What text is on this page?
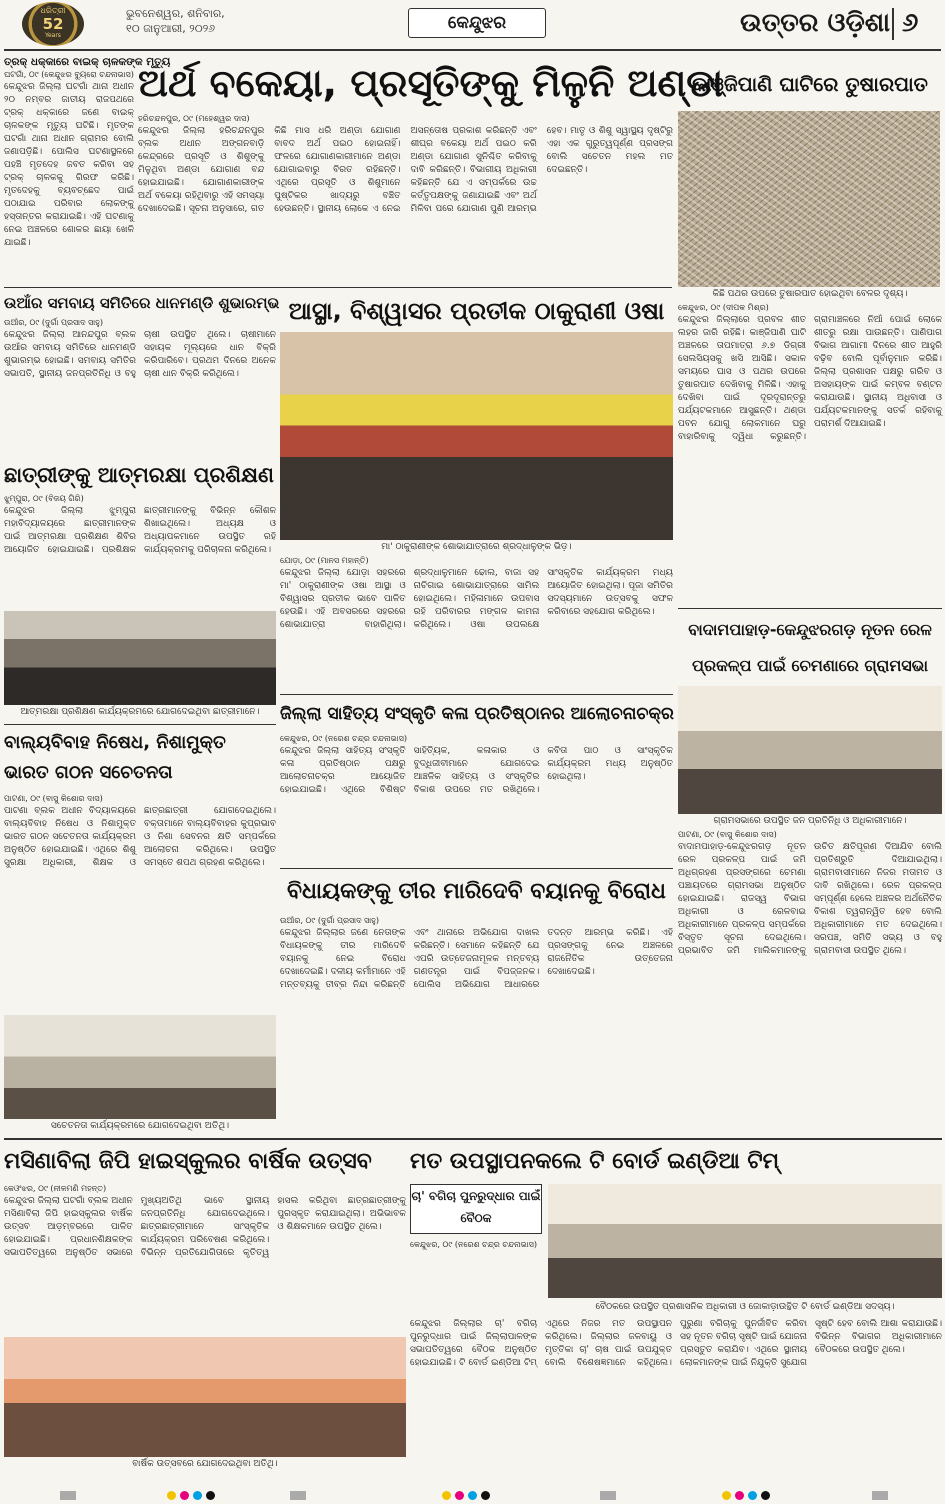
ଧରିତ୍ରୀ
52
Years
ଭୁବନେଶ୍ୱର, ଶନିବାର,
୧୦ ଜାନୁଆରୀ, ୨୦୨୬	କେନ୍ଦୁଝର	ଉତ୍ତର ଓଡ଼ିଶା ୬
ତ୍ରକ୍ ଧକ୍କାରେ ବାଇକ୍ ଚାଳକଙ୍କ ମୃତ୍ୟୁ
ଘଟଗାଁ, ୦୯ (କେନ୍ଦୁଝର ବ୍ୟୁରୋ ଚନ୍ଦନାଭାସ)
କେନ୍ଦୁଝର ଜିଲ୍ଲା ଘଟଗାଁ ଥାନା ଅଧୀନ ୨୦ ନମ୍ବର ଜାତୀୟ ରାଜପଥରେ ଟ୍ରକ୍ ଧକ୍କାରେ ଜଣେ ବାଇକ୍ ଚାଳକଙ୍କ ମୃତ୍ୟୁ ଘଟିଛି। ମୃତଙ୍କ ଘଟଗାଁ ଥାନା ଅଧୀନ ଗ୍ରାମର ବୋଲି ଜଣାପଡ଼ିଛି। ପୋଲିସ ଘଟଣାସ୍ଥଳରେ ପହଞ୍ଚି ମୃତଦେହ ଜବତ କରିବା ସହ ଟ୍ରକ୍ ଚାଳକକୁ ଗିରଫ କରିଛି। ମୃତଦେହକୁ ବ୍ୟବଚ୍ଛେଦ ପାଇଁ ପଠାଯାଇ ପରିବାର ଲୋକଙ୍କୁ ହସ୍ତାନ୍ତର କରାଯାଇଛି। ଏହି ଘଟଣାକୁ ନେଇ ଅଞ୍ଚଳରେ ଶୋକର ଛାୟା ଖେଳି ଯାଇଛି।
ଅର୍ଥ ବକେୟା, ପ୍ରସୂତିଙ୍କୁ ମିଳୁନି ଅଣ୍ଡା
ହରିଚନ୍ଦନପୁର, ୦୯ (ମହେଶ୍ୱର ଦାସ)
କେନ୍ଦୁଝର ଜିଲ୍ଲା ହରିଚନ୍ଦନପୁର ବ୍ଲକ ଅଧୀନ ଅଙ୍ଗନବାଡ଼ି କେନ୍ଦ୍ରରେ ପ୍ରସୂତି ଓ ଶିଶୁଙ୍କୁ ମିଳୁଥିବା ଅଣ୍ଡା ଯୋଗାଣ ବନ୍ଦ ହୋଇଯାଇଛି। ଯୋଗାଣକାରୀଙ୍କ ଅର୍ଥ ବକେୟା ରହିଥିବାରୁ ଏହି ସମସ୍ୟା ଦେଖାଦେଇଛି। ସୂଚନା ଅନୁସାରେ, ଗତ କିଛି ମାସ ଧରି ଅଣ୍ଡା ଯୋଗାଣ ବାବଦ ଅର୍ଥ ପଇଠ ହୋଇନାହିଁ। ଫଳରେ ଯୋଗାଣକାରୀମାନେ ଅଣ୍ଡା ଯୋଗାଇବାରୁ ବିରତ ରହିଛନ୍ତି। ଏଥିରେ ପ୍ରସୂତି ଓ ଶିଶୁମାନେ ପୁଷ୍ଟିକର ଖାଦ୍ୟରୁ ବଞ୍ଚିତ ହେଉଛନ୍ତି। ସ୍ଥାନୀୟ ଲୋକେ ଏ ନେଇ ଅସନ୍ତୋଷ ପ୍ରକାଶ କରିଛନ୍ତି ଏବଂ ଶୀଘ୍ର ବକେୟା ଅର୍ଥ ପଇଠ କରି ଅଣ୍ଡା ଯୋଗାଣ ସୁନିଶ୍ଚିତ କରିବାକୁ ଦାବି କରିଛନ୍ତି। ବିଭାଗୀୟ ଅଧିକାରୀ କହିଛନ୍ତି ଯେ ଏ ସମ୍ପର୍କରେ ଉଚ୍ଚ କର୍ତ୍ତୃପକ୍ଷଙ୍କୁ ଜଣାଯାଇଛି ଏବଂ ଅର୍ଥ ମିଳିବା ପରେ ଯୋଗାଣ ପୁଣି ଆରମ୍ଭ ହେବ। ମାତୃ ଓ ଶିଶୁ ସ୍ୱାସ୍ଥ୍ୟ ଦୃଷ୍ଟିରୁ ଏହା ଏକ ଗୁରୁତ୍ୱପୂର୍ଣ୍ଣ ପ୍ରସଙ୍ଗ ବୋଲି ସଚେତନ ମହଲ ମତ ଦେଇଛନ୍ତି।
କାଞ୍ଜିପାଣି ଘାଟିରେ ତୁଷାରପାତ
କିଛି ପଥର ଉପରେ ତୁଷାରପାତ ହୋଇଥିବା ବେଳର ଦୃଶ୍ୟ।
କେନ୍ଦୁଝର, ୦୯ (ଦୀପକ ମିଶ୍ର)
କେନ୍ଦୁଝର ଜିଲ୍ଲାରେ ପ୍ରବଳ ଶୀତ ଲହର ଜାରି ରହିଛି। କାଞ୍ଜିପାଣି ଘାଟି ଅଞ୍ଚଳରେ ତାପମାତ୍ରା ୬.୭ ଡିଗ୍ରୀ ସେଲସିୟସକୁ ଖସି ଆସିଛି। ସକାଳ ସମୟରେ ଘାସ ଓ ପଥର ଉପରେ ତୁଷାରପାତ ଦେଖିବାକୁ ମିଳିଛି। ଏହାକୁ ଦେଖିବା ପାଇଁ ଦୂରଦୂରାନ୍ତରୁ ପର୍ଯ୍ୟଟକମାନେ ଆସୁଛନ୍ତି। ଥଣ୍ଡା ପବନ ଯୋଗୁ ଲୋକମାନେ ଘରୁ ବାହାରିବାକୁ ଦ୍ୱିଧା କରୁଛନ୍ତି। ଗ୍ରାମାଞ୍ଚଳରେ ନିଆଁ ପୋଇଁ ଲୋକେ ଶୀତରୁ ରକ୍ଷା ପାଉଛନ୍ତି। ପାଣିପାଗ ବିଭାଗ ଆଗାମୀ ଦିନରେ ଶୀତ ଆହୁରି ବଢ଼ିବ ବୋଲି ପୂର୍ବାନୁମାନ କରିଛି। ଜିଲ୍ଲା ପ୍ରଶାସନ ପକ୍ଷରୁ ଗରିବ ଓ ଅସହାୟଙ୍କ ପାଇଁ କମ୍ବଳ ବଣ୍ଟନ କରାଯାଉଛି। ସ୍ଥାନୀୟ ଅଧିବାସୀ ଓ ପର୍ଯ୍ୟଟକମାନଙ୍କୁ ସତର୍କ ରହିବାକୁ ପରାମର୍ଶ ଦିଆଯାଇଛି।
ଉଆଁର ସମବାୟ ସମିତିରେ ଧାନମଣ୍ଡି ଶୁଭାରମ୍ଭ
ଉଆଁର, ୦୯ (ଦୁର୍ଗା ପ୍ରସାଦ ସାହୁ)
କେନ୍ଦୁଝର ଜିଲ୍ଲା ଆନନ୍ଦପୁର ବ୍ଲକ ଉଆଁର ସମବାୟ ସମିତିରେ ଧାନମଣ୍ଡି ଶୁଭାରମ୍ଭ ହୋଇଛି। ସମବାୟ ସମିତିର ସଭାପତି, ସ୍ଥାନୀୟ ଜନପ୍ରତିନିଧି ଓ ବହୁ ଚାଷୀ ଉପସ୍ଥିତ ଥିଲେ। ଚାଷୀମାନେ ସହାୟକ ମୂଲ୍ୟରେ ଧାନ ବିକ୍ରି କରିପାରିବେ। ପ୍ରଥମ ଦିନରେ ଅନେକ ଚାଷୀ ଧାନ ବିକ୍ରି କରିଥିଲେ।
ଆସ୍ଥା, ବିଶ୍ୱାସର ପ୍ରତୀକ ଠାକୁରାଣୀ ଓଷା
ମା' ଠାକୁରାଣୀଙ୍କ ଶୋଭାଯାତ୍ରାରେ ଶ୍ରଦ୍ଧାଳୁଙ୍କ ଭିଡ଼।
ଯୋଡ଼ା, ୦୯ (ମାନସ ମହାନ୍ତି)
କେନ୍ଦୁଝର ଜିଲ୍ଲା ଯୋଡ଼ା ସହରରେ ମା' ଠାକୁରାଣୀଙ୍କ ଓଷା ଆସ୍ଥା ଓ ବିଶ୍ୱାସର ପ୍ରତୀକ ଭାବେ ପାଳିତ ହେଉଛି। ଏହି ଅବସରରେ ସହରରେ ଶୋଭାଯାତ୍ରା ବାହାରିଥିଲା। ଶ୍ରଦ୍ଧାଳୁମାନେ ଢୋଲ, ବାଜା ସହ ନାଚିଗାଇ ଶୋଭାଯାତ୍ରାରେ ସାମିଲ ହୋଇଥିଲେ। ମହିଳାମାନେ ଉପବାସ ରହି ପରିବାରର ମଙ୍ଗଳ କାମନା କରିଥିଲେ। ଓଷା ଉପଲକ୍ଷେ ସାଂସ୍କୃତିକ କାର୍ଯ୍ୟକ୍ରମ ମଧ୍ୟ ଆୟୋଜିତ ହୋଇଥିଲା। ପୂଜା ସମିତିର ସଦସ୍ୟମାନେ ଉତ୍ସବକୁ ସଫଳ କରିବାରେ ସହଯୋଗ କରିଥିଲେ।
ଛାତ୍ରୀଙ୍କୁ ଆତ୍ମରକ୍ଷା ପ୍ରଶିକ୍ଷଣ
ଝୁମ୍ପୁରା, ୦୯ (ବିଜୟ ଗିରି)
କେନ୍ଦୁଝର ଜିଲ୍ଲା ଝୁମ୍ପୁରା ମହାବିଦ୍ୟାଳୟରେ ଛାତ୍ରୀମାନଙ୍କ ପାଇଁ ଆତ୍ମରକ୍ଷା ପ୍ରଶିକ୍ଷଣ ଶିବିର ଆୟୋଜିତ ହୋଇଯାଇଛି। ପ୍ରଶିକ୍ଷକ ଛାତ୍ରୀମାନଙ୍କୁ ବିଭିନ୍ନ କୌଶଳ ଶିଖାଇଥିଲେ। ଅଧ୍ୟକ୍ଷ ଓ ଅଧ୍ୟାପକମାନେ ଉପସ୍ଥିତ ରହି କାର୍ଯ୍ୟକ୍ରମକୁ ପରିଚାଳନା କରିଥିଲେ।
ଆତ୍ମରକ୍ଷା ପ୍ରଶିକ୍ଷଣ କାର୍ଯ୍ୟକ୍ରମରେ ଯୋଗଦେଇଥିବା ଛାତ୍ରୀମାନେ।
ବାଲ୍ୟବିବାହ ନିଷେଧ, ନିଶାମୁକ୍ତ ଭାରତ ଗଠନ ସଚେତନତା
ପାଟଣା, ୦୯ (ବାସୁ କିଶୋର ଦାସ)
ପାଟଣା ବ୍ଲକ ଅଧୀନ ବିଦ୍ୟାଳୟରେ ବାଲ୍ୟବିବାହ ନିଷେଧ ଓ ନିଶାମୁକ୍ତ ଭାରତ ଗଠନ ସଚେତନତା କାର୍ଯ୍ୟକ୍ରମ ଅନୁଷ୍ଠିତ ହୋଇଯାଇଛି। ଏଥିରେ ଶିଶୁ ସୁରକ୍ଷା ଅଧିକାରୀ, ଶିକ୍ଷକ ଓ ଛାତ୍ରଛାତ୍ରୀ ଯୋଗଦେଇଥିଲେ। ବକ୍ତାମାନେ ବାଲ୍ୟବିବାହର କୁପ୍ରଭାବ ଓ ନିଶା ସେବନର କ୍ଷତି ସମ୍ପର୍କରେ ଆଲୋଚନା କରିଥିଲେ। ଉପସ୍ଥିତ ସମସ୍ତେ ଶପଥ ଗ୍ରହଣ କରିଥିଲେ।
ସଚେତନତା କାର୍ଯ୍ୟକ୍ରମରେ ଯୋଗଦେଇଥିବା ଅତିଥି।
ଜିଲ୍ଲା ସାହିତ୍ୟ ସଂସ୍କୃତି କଳା ପ୍ରତିଷ୍ଠାନର ଆଲୋଚନାଚକ୍ର
କେନ୍ଦୁଝର, ୦୯ (ନରେଶ ଚନ୍ଦ୍ର ଚନ୍ଦନାଭାସ)
କେନ୍ଦୁଝର ଜିଲ୍ଲା ସାହିତ୍ୟ ସଂସ୍କୃତି କଳା ପ୍ରତିଷ୍ଠାନ ପକ୍ଷରୁ ଆଲୋଚନାଚକ୍ର ଆୟୋଜିତ ହୋଇଯାଇଛି। ଏଥିରେ ବିଶିଷ୍ଟ ସାହିତ୍ୟିକ, କଳାକାର ଓ ବୁଦ୍ଧିଜୀବୀମାନେ ଯୋଗଦେଇ ଆଞ୍ଚଳିକ ସାହିତ୍ୟ ଓ ସଂସ୍କୃତିର ବିକାଶ ଉପରେ ମତ ରଖିଥିଲେ। କବିତା ପାଠ ଓ ସାଂସ୍କୃତିକ କାର୍ଯ୍ୟକ୍ରମ ମଧ୍ୟ ଅନୁଷ୍ଠିତ ହୋଇଥିଲା।
ବାଦାମପାହାଡ଼-କେନ୍ଦୁଝରଗଡ଼ ନୂତନ ରେଳ ପ୍ରକଳ୍ପ ପାଇଁ ଚେମଣାରେ ଗ୍ରାମସଭା
ଗ୍ରାମସଭାରେ ଉପସ୍ଥିତ ଜନ ପ୍ରତିନିଧି ଓ ଅଧିକାରୀମାନେ।
ପାଟଣା, ୦୯ (ବାସୁ କିଶୋର ଦାସ)
ବାଦାମପାହାଡ଼-କେନ୍ଦୁଝରଗଡ଼ ନୂତନ ରେଳ ପ୍ରକଳ୍ପ ପାଇଁ ଜମି ଅଧିଗ୍ରହଣ ପ୍ରସଙ୍ଗରେ ଚେମଣା ପଞ୍ଚାୟତରେ ଗ୍ରାମସଭା ଅନୁଷ୍ଠିତ ହୋଇଯାଇଛି। ରାଜସ୍ୱ ବିଭାଗ ଅଧିକାରୀ ଓ ରେଳବାଇ ଅଧିକାରୀମାନେ ପ୍ରକଳ୍ପ ସମ୍ପର୍କରେ ବିସ୍ତୃତ ସୂଚନା ଦେଇଥିଲେ। ପ୍ରଭାବିତ ଜମି ମାଲିକମାନଙ୍କୁ ଉଚିତ କ୍ଷତିପୂରଣ ଦିଆଯିବ ବୋଲି ପ୍ରତିଶ୍ରୁତି ଦିଆଯାଇଥିଲା। ଗ୍ରାମବାସୀମାନେ ନିଜର ମତାମତ ଓ ଦାବି ରଖିଥିଲେ। ରେଳ ପ୍ରକଳ୍ପ ସମ୍ପୂର୍ଣ୍ଣ ହେଲେ ଅଞ୍ଚଳର ଅର୍ଥନୈତିକ ବିକାଶ ତ୍ୱରାନ୍ୱିତ ହେବ ବୋଲି ଅଧିକାରୀମାନେ ମତ ଦେଇଥିଲେ। ସରପଞ୍ଚ, ସମିତି ସଭ୍ୟ ଓ ବହୁ ଗ୍ରାମବାସୀ ଉପସ୍ଥିତ ଥିଲେ।
ବିଧାୟକଙ୍କୁ ତୀର ମାରିଦେବି ବୟାନକୁ ବିରୋଧ
ଉଆଁର, ୦୯ (ଦୁର୍ଗା ପ୍ରସାଦ ସାହୁ)
କେନ୍ଦୁଝର ଜିଲ୍ଲାର ଜଣେ ନେତାଙ୍କ ବିଧାୟକଙ୍କୁ ତୀର ମାରିଦେବି ବୟାନକୁ ନେଇ ବିରୋଧ ଦେଖାଦେଇଛି। ଦଳୀୟ କର୍ମୀମାନେ ଏହି ମନ୍ତବ୍ୟକୁ ତୀବ୍ର ନିନ୍ଦା କରିଛନ୍ତି ଏବଂ ଥାନାରେ ଅଭିଯୋଗ ଦାଖଲ କରିଛନ୍ତି। ସେମାନେ କହିଛନ୍ତି ଯେ ଏପରି ଉତ୍ତେଜନାମୂଳକ ମନ୍ତବ୍ୟ ଗଣତନ୍ତ୍ର ପାଇଁ ବିପଜ୍ଜନକ। ପୋଲିସ ଅଭିଯୋଗ ଆଧାରରେ ତଦନ୍ତ ଆରମ୍ଭ କରିଛି। ଏହି ପ୍ରସଙ୍ଗକୁ ନେଇ ଅଞ୍ଚଳରେ ରାଜନୈତିକ ଉତ୍ତେଜନା ଦେଖାଦେଇଛି।
ମସିଣାବିଲା ଜିପି ହାଇସ୍କୁଲର ବାର୍ଷିକ ଉତ୍ସବ
କେଓଂଝର, ୦୯ (ନୀଳମଣି ମହନ୍ତ)
କେନ୍ଦୁଝର ଜିଲ୍ଲା ଘଟଗାଁ ବ୍ଲକ ଅଧୀନ ମସିଣାବିଲା ଜିପି ହାଇସ୍କୁଲର ବାର୍ଷିକ ଉତ୍ସବ ଆଡ଼ମ୍ବରରେ ପାଳିତ ହୋଇଯାଇଛି। ପ୍ରଧାନଶିକ୍ଷକଙ୍କ ସଭାପତିତ୍ୱରେ ଅନୁଷ୍ଠିତ ସଭାରେ ମୁଖ୍ୟଅତିଥି ଭାବେ ସ୍ଥାନୀୟ ଜନପ୍ରତିନିଧି ଯୋଗଦେଇଥିଲେ। ଛାତ୍ରଛାତ୍ରୀମାନେ ସାଂସ୍କୃତିକ କାର୍ଯ୍ୟକ୍ରମ ପରିବେଷଣ କରିଥିଲେ। ବିଭିନ୍ନ ପ୍ରତିଯୋଗିତାରେ କୃତିତ୍ୱ ହାସଲ କରିଥିବା ଛାତ୍ରଛାତ୍ରୀଙ୍କୁ ପୁରସ୍କୃତ କରାଯାଇଥିଲା। ଅଭିଭାବକ ଓ ଶିକ୍ଷକମାନେ ଉପସ୍ଥିତ ଥିଲେ।
ବାର୍ଷିକ ଉତ୍ସବରେ ଯୋଗଦେଇଥିବା ଅତିଥି।
ମତ ଉପସ୍ଥାପନକଲେ ଟି ବୋର୍ଡ ଇଣ୍ଡିଆ ଟିମ୍
ଚା' ବଗିଚା ପୁନରୁଦ୍ଧାର ପାଇଁ ବୈଠକ
ବୈଠକରେ ଉପସ୍ଥିତ ପ୍ରଶାସନିକ ଅଧିକାରୀ ଓ ଜୋକାଡ଼ାଉନ୍ଥିତ ଟି ବୋର୍ଡ ଇଣ୍ଡିଆ ସଦସ୍ୟ।
କେନ୍ଦୁଝର, ୦୯ (ନରେଶ ଚନ୍ଦ୍ର ଚନ୍ଦନାଭାସ)
କେନ୍ଦୁଝର ଜିଲ୍ଲାର ଚା' ବଗିଚା ପୁନରୁଦ୍ଧାର ପାଇଁ ଜିଲ୍ଲାପାଳଙ୍କ ସଭାପତିତ୍ୱରେ ବୈଠକ ଅନୁଷ୍ଠିତ ହୋଇଯାଇଛି। ଟି ବୋର୍ଡ ଇଣ୍ଡିଆ ଟିମ୍ ଏଥିରେ ନିଜର ମତ ଉପସ୍ଥାପନ କରିଥିଲେ। ଜିଲ୍ଲାର ଜଳବାୟୁ ଓ ମୃତ୍ତିକା ଚା' ଚାଷ ପାଇଁ ଉପଯୁକ୍ତ ବୋଲି ବିଶେଷଜ୍ଞମାନେ କହିଥିଲେ। ପୁରୁଣା ବଗିଚାକୁ ପୁନର୍ଜୀବିତ କରିବା ସହ ନୂତନ ବଗିଚା ସୃଷ୍ଟି ପାଇଁ ଯୋଜନା ପ୍ରସ୍ତୁତ କରାଯିବ। ଏଥିରେ ସ୍ଥାନୀୟ ଲୋକମାନଙ୍କ ପାଇଁ ନିଯୁକ୍ତି ସୁଯୋଗ ସୃଷ୍ଟି ହେବ ବୋଲି ଆଶା କରାଯାଉଛି। ବିଭିନ୍ନ ବିଭାଗର ଅଧିକାରୀମାନେ ବୈଠକରେ ଉପସ୍ଥିତ ଥିଲେ।
